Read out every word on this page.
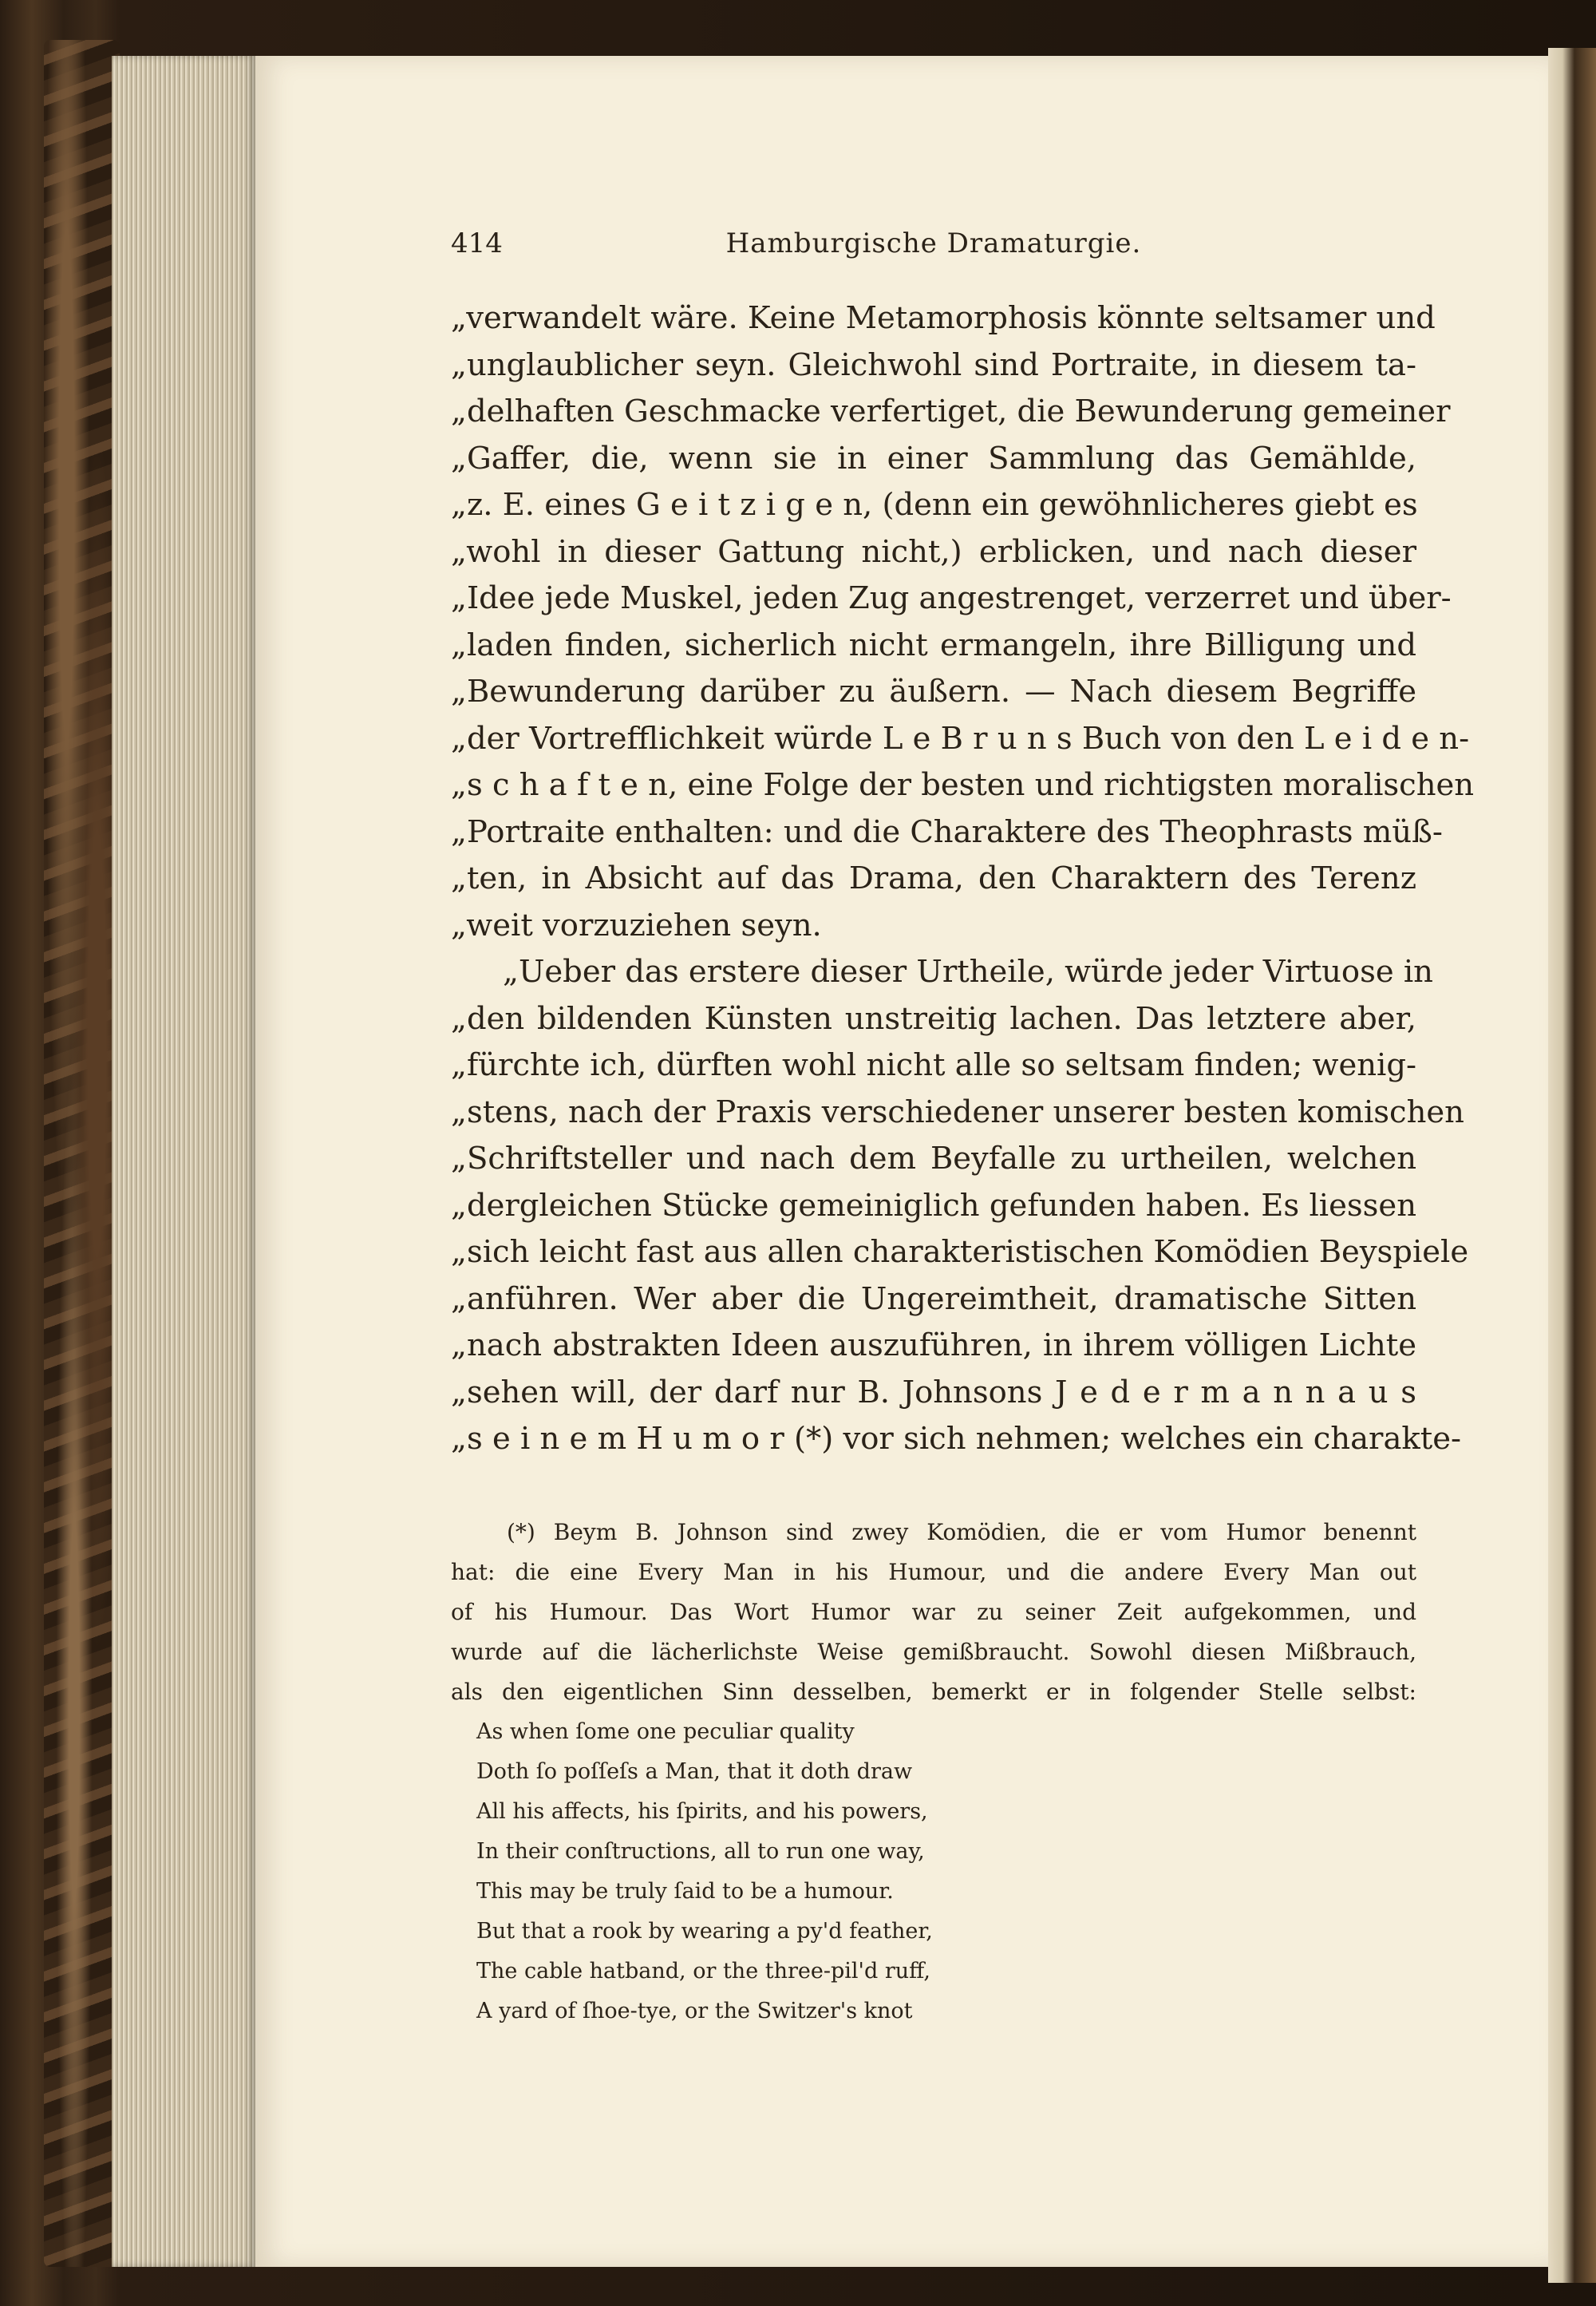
414	Hamburgische Dramaturgie.
„verwandelt wäre. Keine Metamorphosis könnte seltsamer und
„unglaublicher seyn. Gleichwohl sind Portraite, in diesem ta-
„delhaften Geschmacke verfertiget, die Bewunderung gemeiner
„Gaffer, die, wenn sie in einer Sammlung das Gemählde,
„z. E. eines G e i t z i g e n, (denn ein gewöhnlicheres giebt es
„wohl in dieser Gattung nicht,) erblicken, und nach dieser
„Idee jede Muskel, jeden Zug angestrenget, verzerret und über-
„laden finden, sicherlich nicht ermangeln, ihre Billigung und
„Bewunderung darüber zu äußern. — Nach diesem Begriffe
„der Vortrefflichkeit würde L e B r u n s Buch von den L e i d e n-
„s c h a f t e n, eine Folge der besten und richtigsten moralischen
„Portraite enthalten: und die Charaktere des Theophrasts müß-
„ten, in Absicht auf das Drama, den Charaktern des Terenz
„weit vorzuziehen seyn.
„Ueber das erstere dieser Urtheile, würde jeder Virtuose in
„den bildenden Künsten unstreitig lachen. Das letztere aber,
„fürchte ich, dürften wohl nicht alle so seltsam finden; wenig-
„stens, nach der Praxis verschiedener unserer besten komischen
„Schriftsteller und nach dem Beyfalle zu urtheilen, welchen
„dergleichen Stücke gemeiniglich gefunden haben. Es liessen
„sich leicht fast aus allen charakteristischen Komödien Beyspiele
„anführen. Wer aber die Ungereimtheit, dramatische Sitten
„nach abstrakten Ideen auszuführen, in ihrem völligen Lichte
„sehen will, der darf nur B. Johnsons J e d e r m a n n a u s
„s e i n e m H u m o r (*) vor sich nehmen; welches ein charakte-
(*) Beym B. Johnson sind zwey Komödien, die er vom Humor benennt
hat: die eine Every Man in his Humour, und die andere Every Man out
of his Humour. Das Wort Humor war zu seiner Zeit aufgekommen, und
wurde auf die lächerlichste Weise gemißbraucht. Sowohl diesen Mißbrauch,
als den eigentlichen Sinn desselben, bemerkt er in folgender Stelle selbst:
As when ſome one peculiar quality
Doth ſo poſſeſs a Man, that it doth draw
All his affects, his ſpirits, and his powers,
In their conſtructions, all to run one way,
This may be truly ſaid to be a humour.
But that a rook by wearing a py'd feather,
The cable hatband, or the three-pil'd ruff,
A yard of ſhoe-tye, or the Switzer's knot
